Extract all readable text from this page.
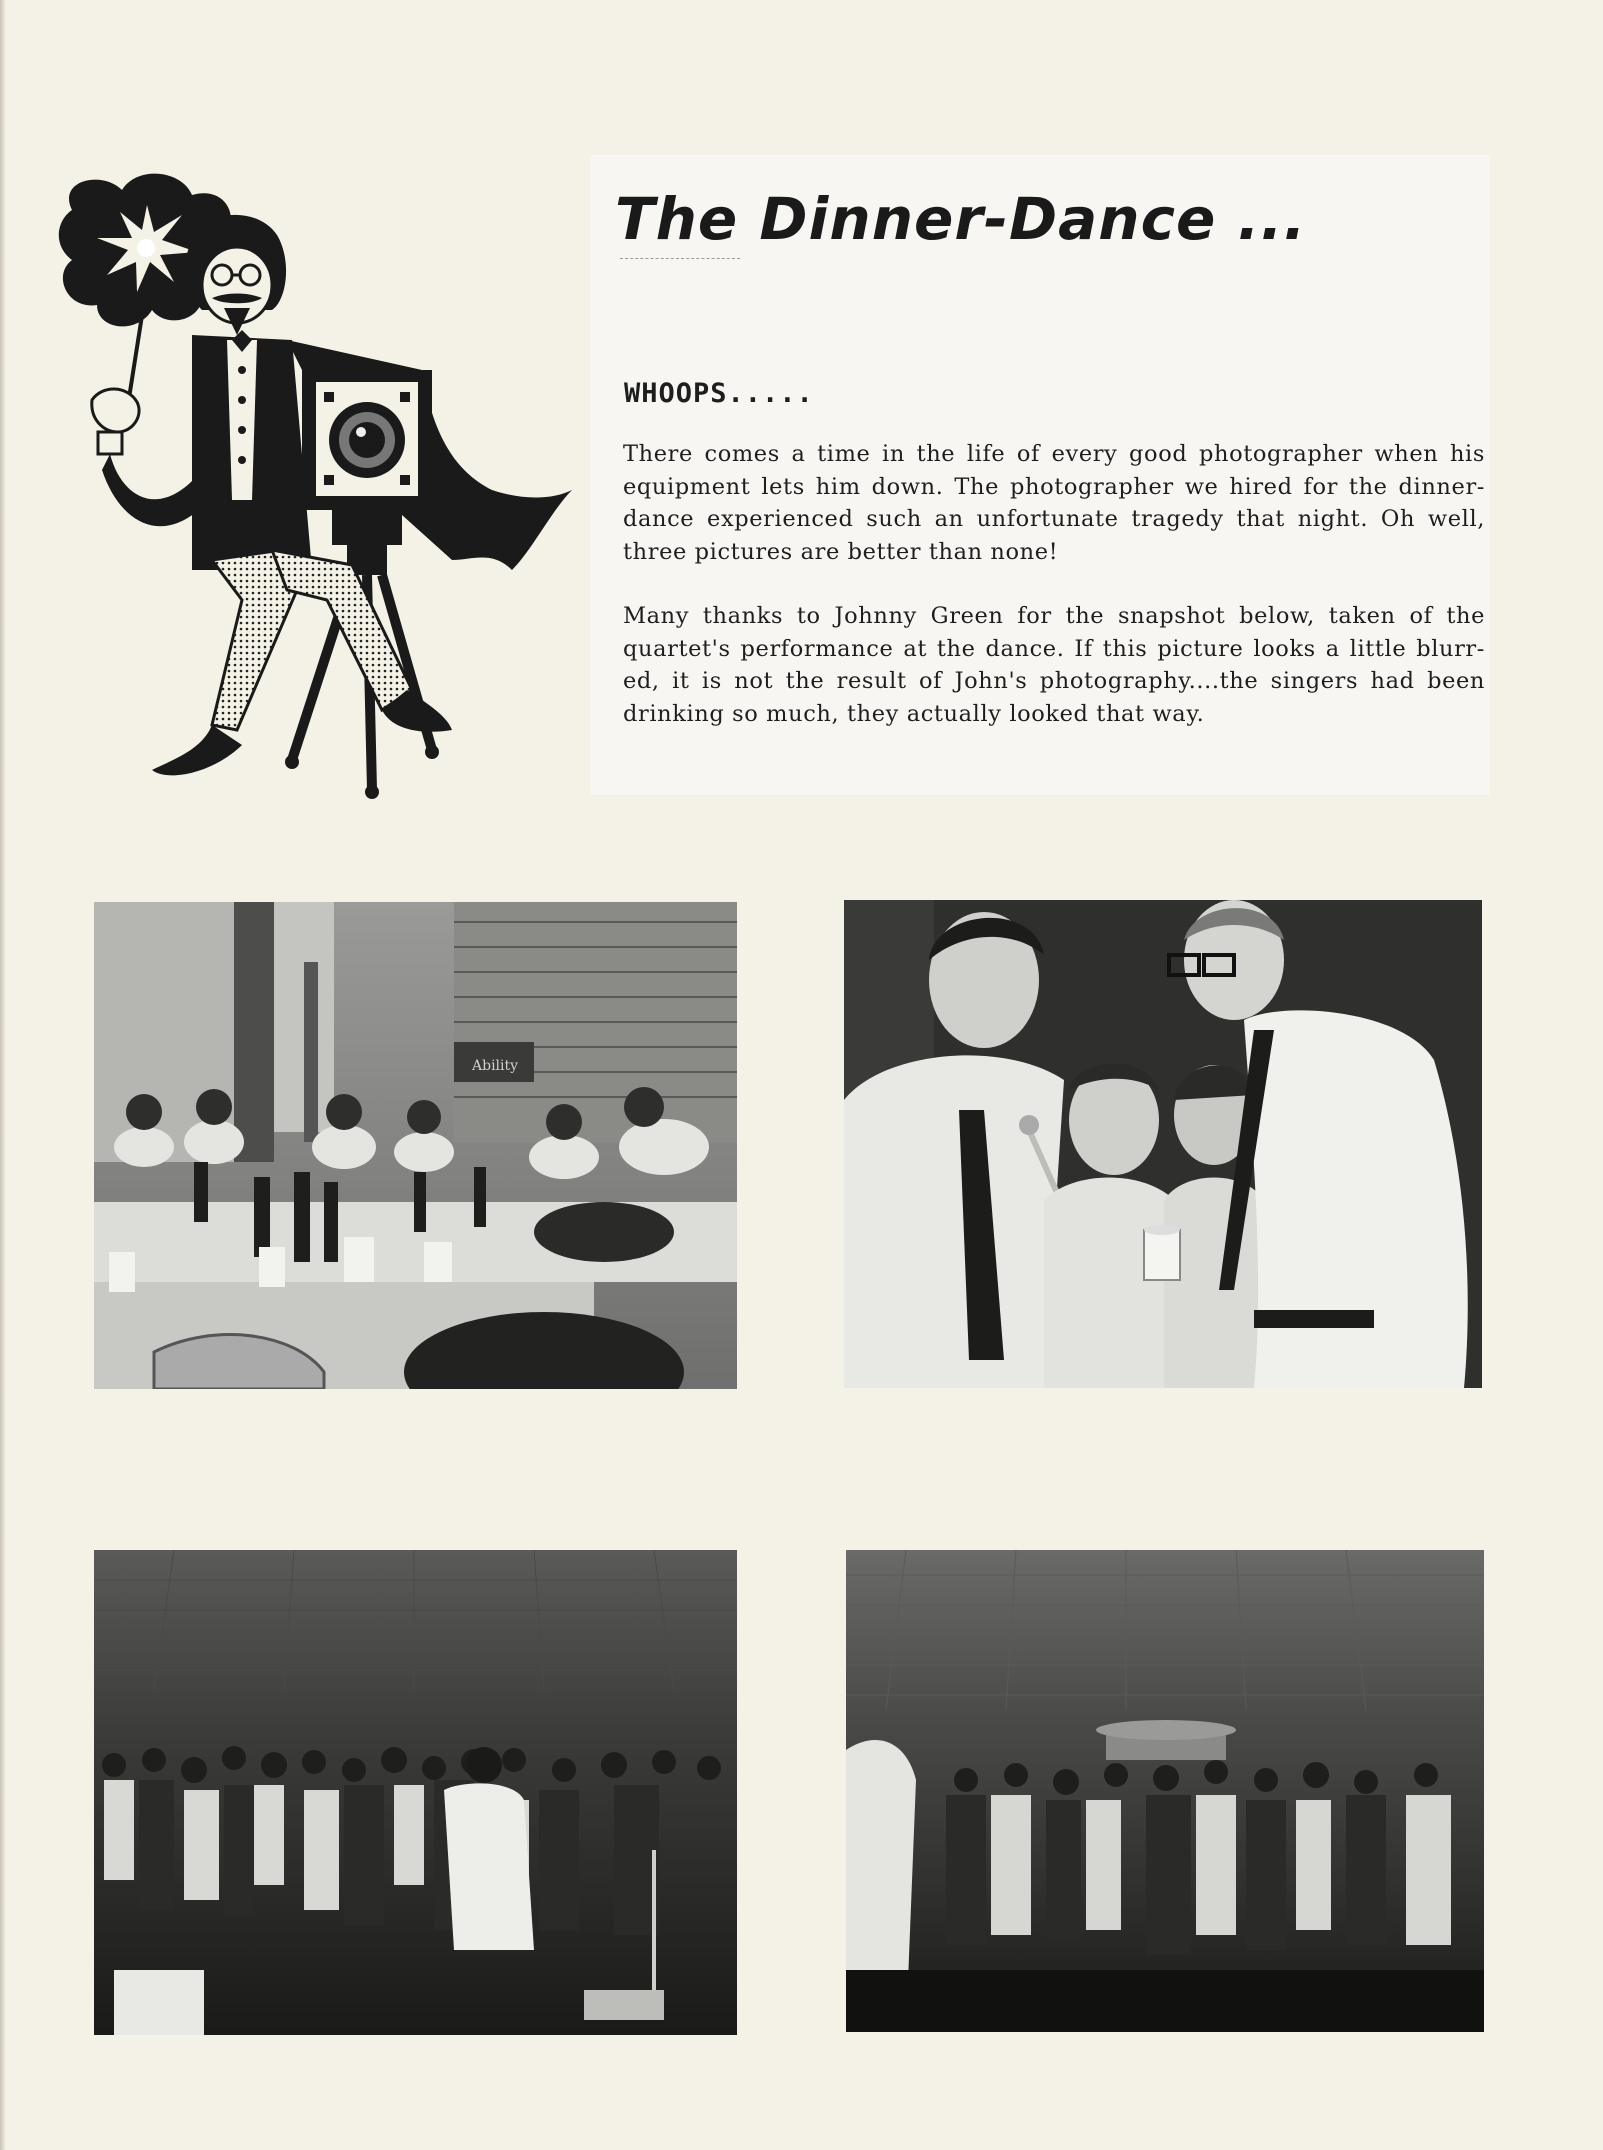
The Dinner-Dance ...
WHOOPS.....

There comes a time in the life of every good photographer when his equipment lets him down. The photographer we hired for the dinner-dance experienced such an unfortunate tragedy that night. Oh well, three pictures are better than none!

Many thanks to Johnny Green for the snapshot below, taken of the quartet's performance at the dance. If this picture looks a little blurr-ed, it is not the result of John's photography....the singers had been drinking so much, they actually looked that way.

Ability
